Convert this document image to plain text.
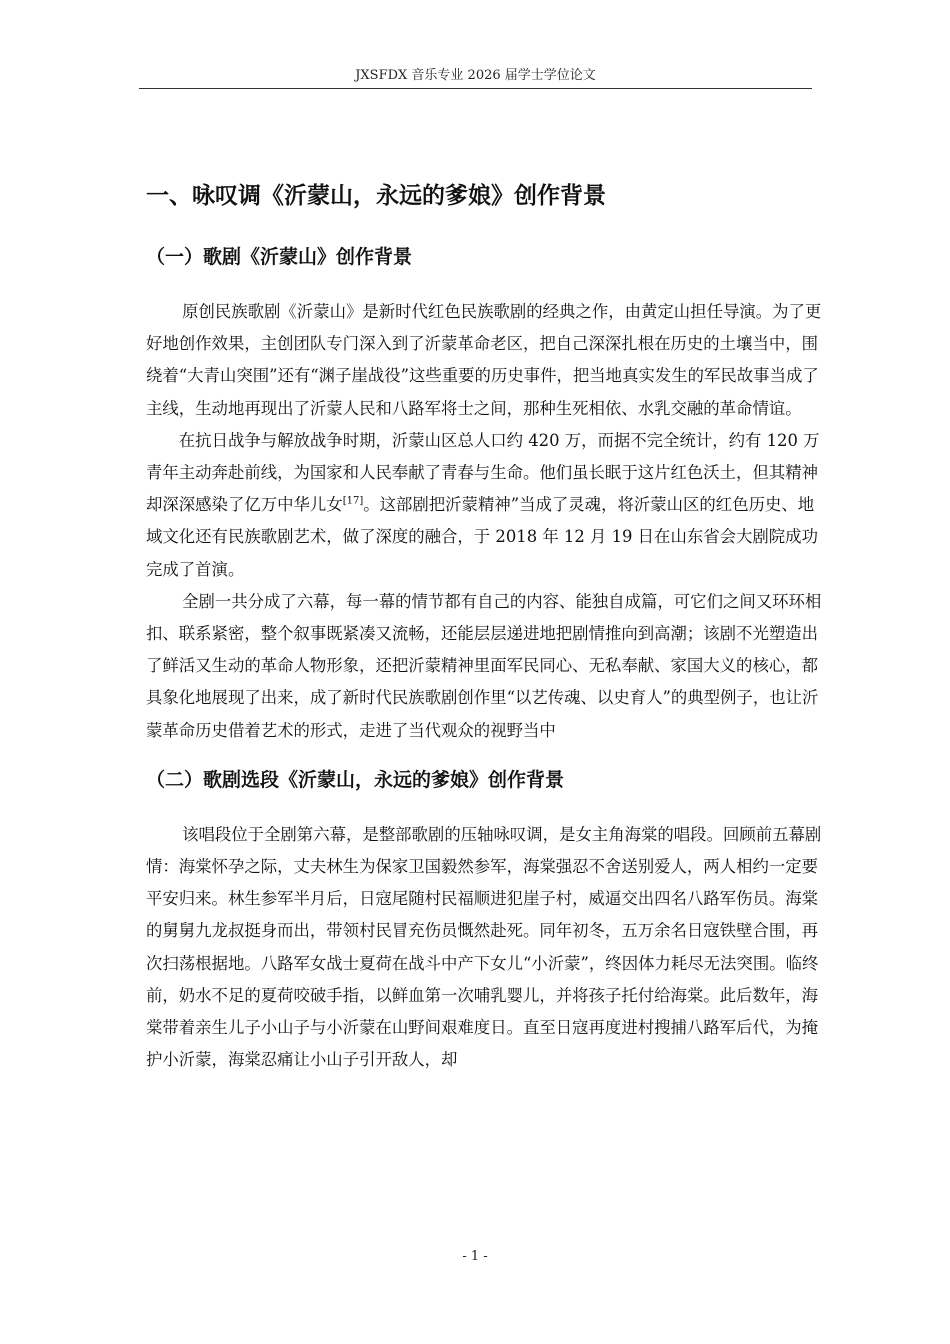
JXSFDX 音乐专业 2026 届学士学位论文
一、咏叹调《沂蒙山，永远的爹娘》创作背景
（一）歌剧《沂蒙山》创作背景

原创民族歌剧《沂蒙山》是新时代红色民族歌剧的经典之作，由黄定山担任导演。为了更好地创作效果，主创团队专门深入到了沂蒙革命老区，把自己深深扎根在历史的土壤当中，围绕着“大青山突围”还有“渊子崖战役”这些重要的历史事件，把当地真实发生的军民故事当成了主线，生动地再现出了沂蒙人民和八路军将士之间，那种生死相依、水乳交融的革命情谊。

在抗日战争与解放战争时期，沂蒙山区总人口约 420 万，而据不完全统计，约有 120 万青年主动奔赴前线，为国家和人民奉献了青春与生命。他们虽长眠于这片红色沃土，但其精神却深深感染了亿万中华儿女[17]。这部剧把沂蒙精神”当成了灵魂，将沂蒙山区的红色历史、地域文化还有民族歌剧艺术，做了深度的融合，于 2018 年 12 月 19 日在山东省会大剧院成功完成了首演。

全剧一共分成了六幕，每一幕的情节都有自己的内容、能独自成篇，可它们之间又环环相扣、联系紧密，整个叙事既紧凑又流畅，还能层层递进地把剧情推向到高潮；该剧不光塑造出了鲜活又生动的革命人物形象，还把沂蒙精神里面军民同心、无私奉献、家国大义的核心，都具象化地展现了出来，成了新时代民族歌剧创作里“以艺传魂、以史育人”的典型例子，也让沂蒙革命历史借着艺术的形式，走进了当代观众的视野当中

（二）歌剧选段《沂蒙山，永远的爹娘》创作背景

该唱段位于全剧第六幕，是整部歌剧的压轴咏叹调，是女主角海棠的唱段。回顾前五幕剧情：海棠怀孕之际，丈夫林生为保家卫国毅然参军，海棠强忍不舍送别爱人，两人相约一定要平安归来。林生参军半月后，日寇尾随村民福顺进犯崖子村，威逼交出四名八路军伤员。海棠的舅舅九龙叔挺身而出，带领村民冒充伤员慨然赴死。同年初冬，五万余名日寇铁壁合围，再次扫荡根据地。八路军女战士夏荷在战斗中产下女儿“小沂蒙”，终因体力耗尽无法突围。临终前，奶水不足的夏荷咬破手指，以鲜血第一次哺乳婴儿，并将孩子托付给海棠。此后数年，海棠带着亲生儿子小山子与小沂蒙在山野间艰难度日。直至日寇再度进村搜捕八路军后代，为掩护小沂蒙，海棠忍痛让小山子引开敌人，却

- 1 -
